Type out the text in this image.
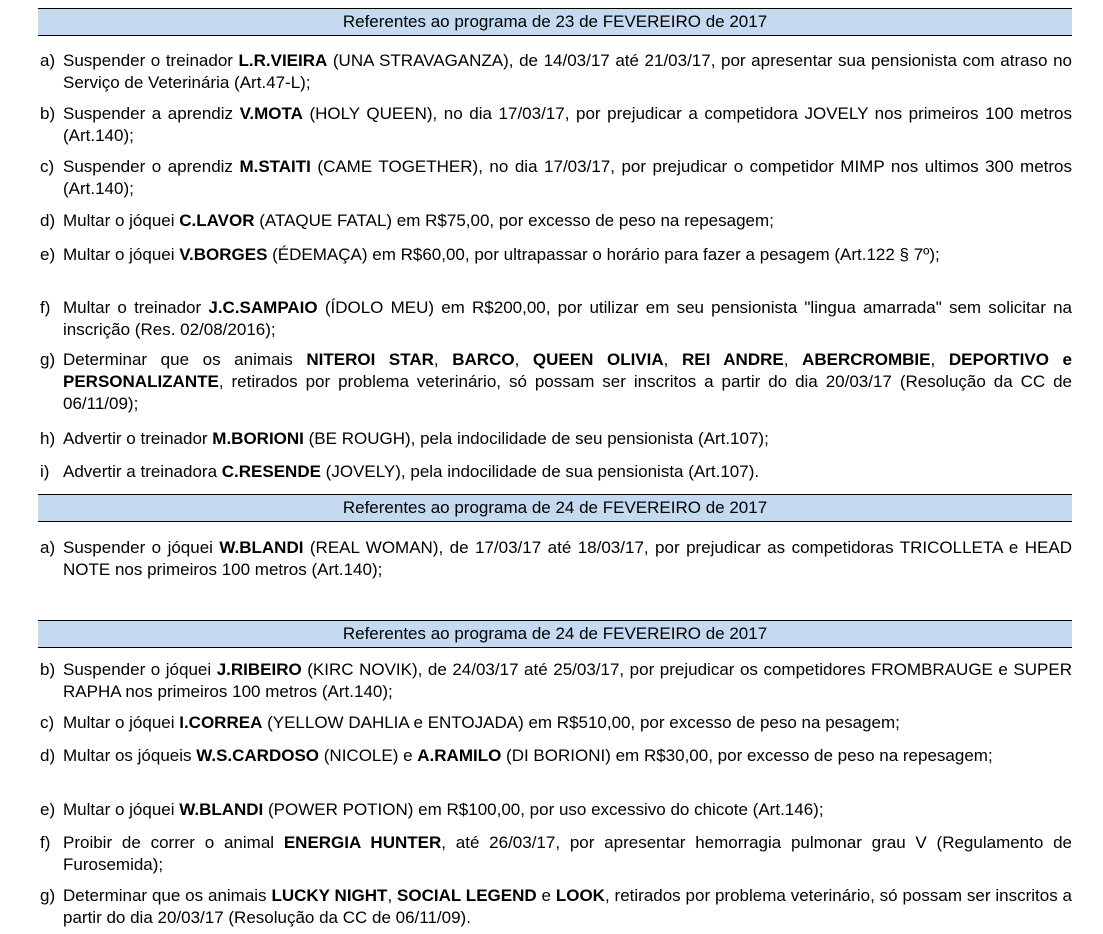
Referentes ao programa de 23 de FEVEREIRO de 2017
a) Suspender o treinador L.R.VIEIRA (UNA STRAVAGANZA), de 14/03/17 até 21/03/17, por apresentar sua pensionista com atraso no Serviço de Veterinária (Art.47-L);
b) Suspender a aprendiz V.MOTA (HOLY QUEEN), no dia 17/03/17, por prejudicar a competidora JOVELY nos primeiros 100 metros (Art.140);
c) Suspender o aprendiz M.STAITI (CAME TOGETHER), no dia 17/03/17, por prejudicar o competidor MIMP nos ultimos 300 metros (Art.140);
d) Multar o jóquei C.LAVOR (ATAQUE FATAL) em R$75,00, por excesso de peso na repesagem;
e) Multar o jóquei V.BORGES (ÉDEMAÇA) em R$60,00, por ultrapassar o horário para fazer a pesagem (Art.122 § 7º);
f) Multar o treinador J.C.SAMPAIO (ÍDOLO MEU) em R$200,00, por utilizar em seu pensionista "lingua amarrada" sem solicitar na inscrição (Res. 02/08/2016);
g) Determinar que os animais NITEROI STAR, BARCO, QUEEN OLIVIA, REI ANDRE, ABERCROMBIE, DEPORTIVO e PERSONALIZANTE, retirados por problema veterinário, só possam ser inscritos a partir do dia 20/03/17 (Resolução da CC de 06/11/09);
h) Advertir o treinador M.BORIONI (BE ROUGH), pela indocilidade de seu pensionista (Art.107);
i) Advertir a treinadora C.RESENDE (JOVELY), pela indocilidade de sua pensionista (Art.107).
Referentes ao programa de 24 de FEVEREIRO de 2017
a) Suspender o jóquei W.BLANDI (REAL WOMAN), de 17/03/17 até 18/03/17, por prejudicar as competidoras TRICOLLETA e HEAD NOTE nos primeiros 100 metros (Art.140);
Referentes ao programa de 24 de FEVEREIRO de 2017
b) Suspender o jóquei J.RIBEIRO (KIRC NOVIK), de 24/03/17 até 25/03/17, por prejudicar os competidores FROMBRAUGE e SUPER RAPHA nos primeiros 100 metros (Art.140);
c) Multar o jóquei I.CORREA (YELLOW DAHLIA e ENTOJADA) em R$510,00, por excesso de peso na pesagem;
d) Multar os jóqueis W.S.CARDOSO (NICOLE) e A.RAMILO (DI BORIONI) em R$30,00, por excesso de peso na repesagem;
e) Multar o jóquei W.BLANDI (POWER POTION) em R$100,00, por uso excessivo do chicote (Art.146);
f) Proibir de correr o animal ENERGIA HUNTER, até 26/03/17, por apresentar hemorragia pulmonar grau V (Regulamento de Furosemida);
g) Determinar que os animais LUCKY NIGHT, SOCIAL LEGEND e LOOK, retirados por problema veterinário, só possam ser inscritos a partir do dia 20/03/17 (Resolução da CC de 06/11/09).
